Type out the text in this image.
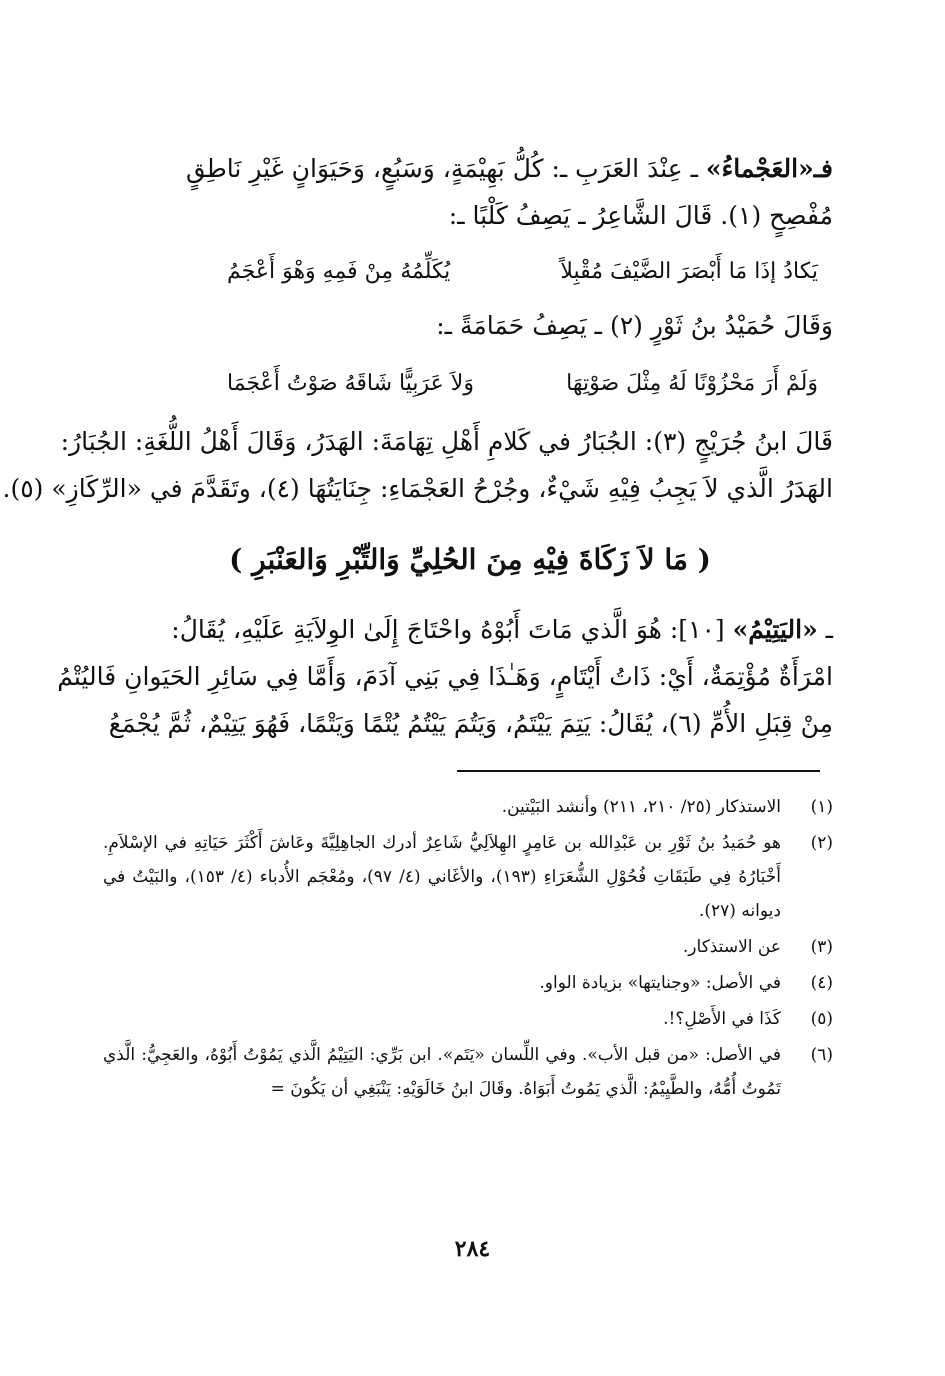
فـ«العَجْماءُ» ـ عِنْدَ العَرَبِ ـ: كُلُّ بَهِيْمَةٍ، وَسَبُعٍ، وَحَيَوَانٍ غَيْرِ نَاطِقٍ
مُفْصِحٍ (١). قَالَ الشَّاعِرُ ـ يَصِفُ كَلْبًا ـ:
يَكادُ إذَا مَا أَبْصَرَ الضَّيْفَ مُقْبِلاً
يُكَلِّمُهُ مِنْ فَمِهِ وَهْوَ أَعْجَمُ
وَقَالَ حُمَيْدُ بنُ ثَوْرٍ (٢) ـ يَصِفُ حَمَامَةً ـ:
وَلَمْ أَرَ مَحْزُوْنًا لَهُ مِثْلَ صَوْتِهَا
وَلاَ عَرَبِيًّا شَاقَهُ صَوْتُ أَعْجَمَا
قَالَ ابنُ جُرَيْجٍ (٣): الجُبَارُ في كَلامِ أَهْلِ تِهَامَةَ: الهَدَرُ، وَقَالَ أَهْلُ اللُّغَةِ: الجُبَارُ:
الهَدَرُ الَّذي لاَ يَجِبُ فِيْهِ شَيْءٌ، وجُرْحُ العَجْمَاءِ: جِنَايَتُهَا (٤)، وتَقَدَّمَ في «الرِّكَازِ» (٥).
( مَا لاَ زَكَاةَ فِيْهِ مِنَ الحُلِيِّ وَالتِّبْرِ وَالعَنْبَرِ )
ـ «اليَتِيْمُ» [١٠]: هُوَ الَّذي مَاتَ أَبُوْهُ واحْتَاجَ إِلَىٰ الوِلاَيَةِ عَلَيْهِ، يُقَالُ:
امْرَأَةٌ مُؤْتِمَةٌ، أَيْ: ذَاتُ أَيْتَامٍ، وَهَـٰذَا فِي بَنِي آدَمَ، وَأَمَّا فِي سَائِرِ الحَيَوانِ فَاليُتْمُ
مِنْ قِبَلِ الأُمِّ (٦)، يُقَالُ: يَتِمَ يَيْتَمُ، وَيَتُمَ يَيْتُمُ يُتْمًا وَيَتْمًا، فَهُوَ يَتِيْمٌ، ثُمَّ يُجْمَعُ
(١)
الاستذكار (٢٥/ ٢١٠، ٢١١) وأنشد البَيْتين.
(٢)
هو حُمَيدُ بنُ ثَوْرِ بن عَبْدِالله بن عَامِرٍ الهِلاَلِيُّ شَاعِرٌ أدرك الجاهِلِيَّةَ وعَاشَ أَكْثَرَ حَيَاتِهِ في الإسْلاَمِ. أَخْبَارُهُ فِي طَبَقَاتِ فُحُوْلِ الشُّعَرَاءِ (١٩٣)، والأغَاني (٤/ ٩٧)، ومُعْجَم الأُدباء (٤/ ١٥٣)، والبَيْتُ في ديوانه (٢٧).
(٣)
عن الاستذكار.
(٤)
في الأصل: «وجنايتها» بزيادة الواو.
(٥)
كَذَا في الأَصْلِ؟!.
(٦)
في الأصل: «من قبل الأب». وفي اللِّسان «يَتَم». ابن بَرِّي: اليَتِيْمُ الَّذي يَمُوْتُ أَبُوْهُ، والعَجِيُّ: الَّذي تَمُوتُ أُمُّهُ، والطَّيِيْمُ: الَّذي يَمُوتُ أَبَوَاهُ. وقَالَ ابنُ خَالَوَيْهِ: يَنْبَغِي أن يَكُونَ =
٢٨٤
